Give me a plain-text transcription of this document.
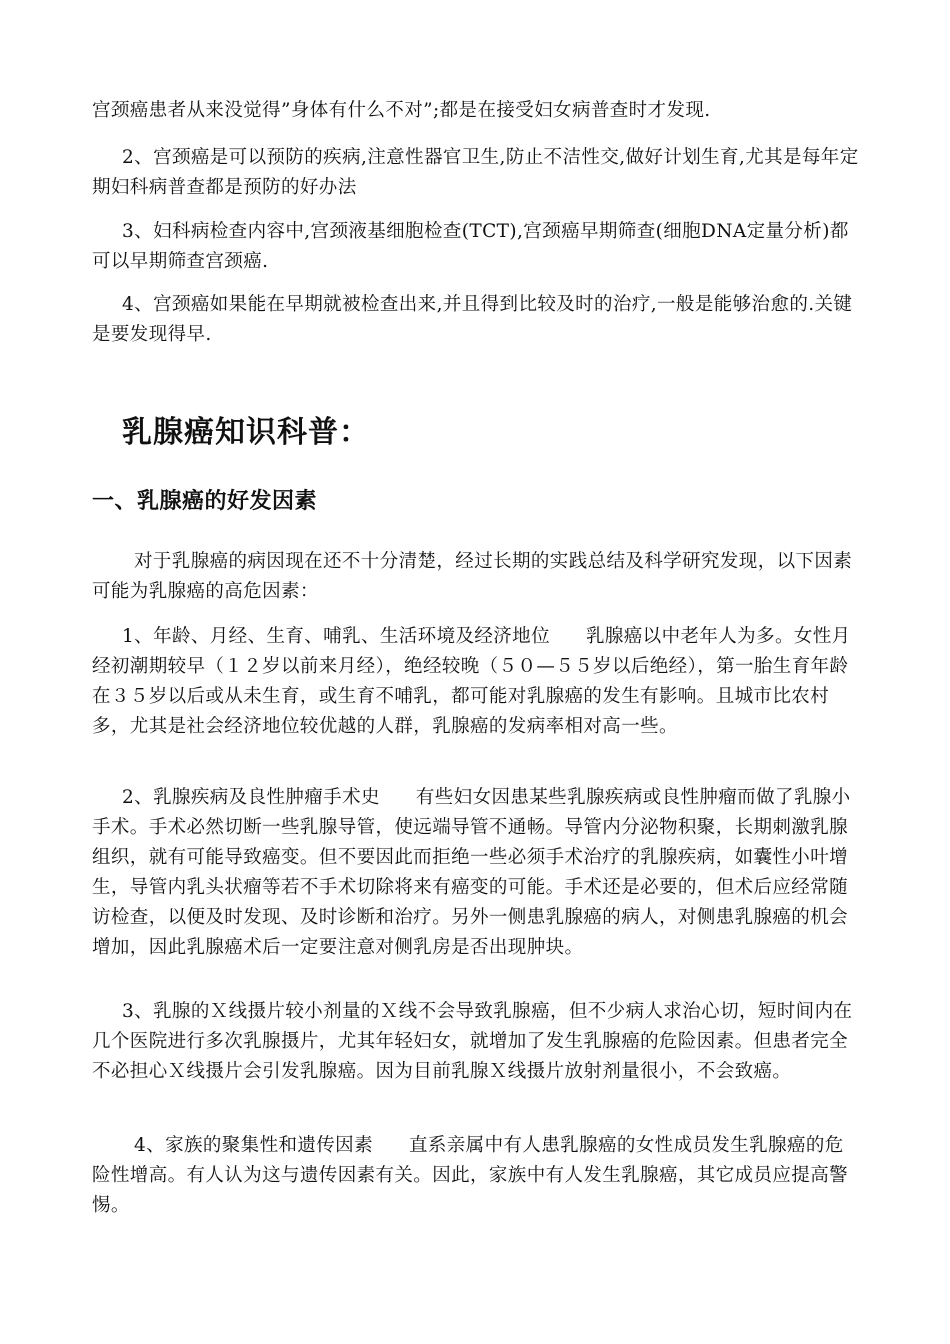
宫颈癌患者从来没觉得”身体有什么不对”;都是在接受妇女病普查时才发现.

2、宫颈癌是可以预防的疾病,注意性器官卫生,防止不洁性交,做好计划生育,尤其是每年定期妇科病普查都是预防的好办法

3、妇科病检查内容中,宫颈液基细胞检查(TCT),宫颈癌早期筛查(细胞DNA定量分析)都可以早期筛查宫颈癌.

4、宫颈癌如果能在早期就被检查出来,并且得到比较及时的治疗,一般是能够治愈的.关键是要发现得早.

乳腺癌知识科普：
一、乳腺癌的好发因素

对于乳腺癌的病因现在还不十分清楚，经过长期的实践总结及科学研究发现，以下因素可能为乳腺癌的高危因素：

1、年龄、月经、生育、哺乳、生活环境及经济地位 乳腺癌以中老年人为多。女性月经初潮期较早（１２岁以前来月经），绝经较晚（５０—５５岁以后绝经），第一胎生育年龄在３５岁以后或从未生育，或生育不哺乳，都可能对乳腺癌的发生有影响。且城市比农村多，尤其是社会经济地位较优越的人群，乳腺癌的发病率相对高一些。

2、乳腺疾病及良性肿瘤手术史 有些妇女因患某些乳腺疾病或良性肿瘤而做了乳腺小手术。手术必然切断一些乳腺导管，使远端导管不通畅。导管内分泌物积聚，长期刺激乳腺组织，就有可能导致癌变。但不要因此而拒绝一些必须手术治疗的乳腺疾病，如囊性小叶增生，导管内乳头状瘤等若不手术切除将来有癌变的可能。手术还是必要的，但术后应经常随访检查，以便及时发现、及时诊断和治疗。另外一侧患乳腺癌的病人，对侧患乳腺癌的机会增加，因此乳腺癌术后一定要注意对侧乳房是否出现肿块。

3、乳腺的Ｘ线摄片较小剂量的Ｘ线不会导致乳腺癌，但不少病人求治心切，短时间内在几个医院进行多次乳腺摄片，尤其年轻妇女，就增加了发生乳腺癌的危险因素。但患者完全不必担心Ｘ线摄片会引发乳腺癌。因为目前乳腺Ｘ线摄片放射剂量很小，不会致癌。

4、家族的聚集性和遗传因素 直系亲属中有人患乳腺癌的女性成员发生乳腺癌的危险性增高。有人认为这与遗传因素有关。因此，家族中有人发生乳腺癌，其它成员应提高警惕。
